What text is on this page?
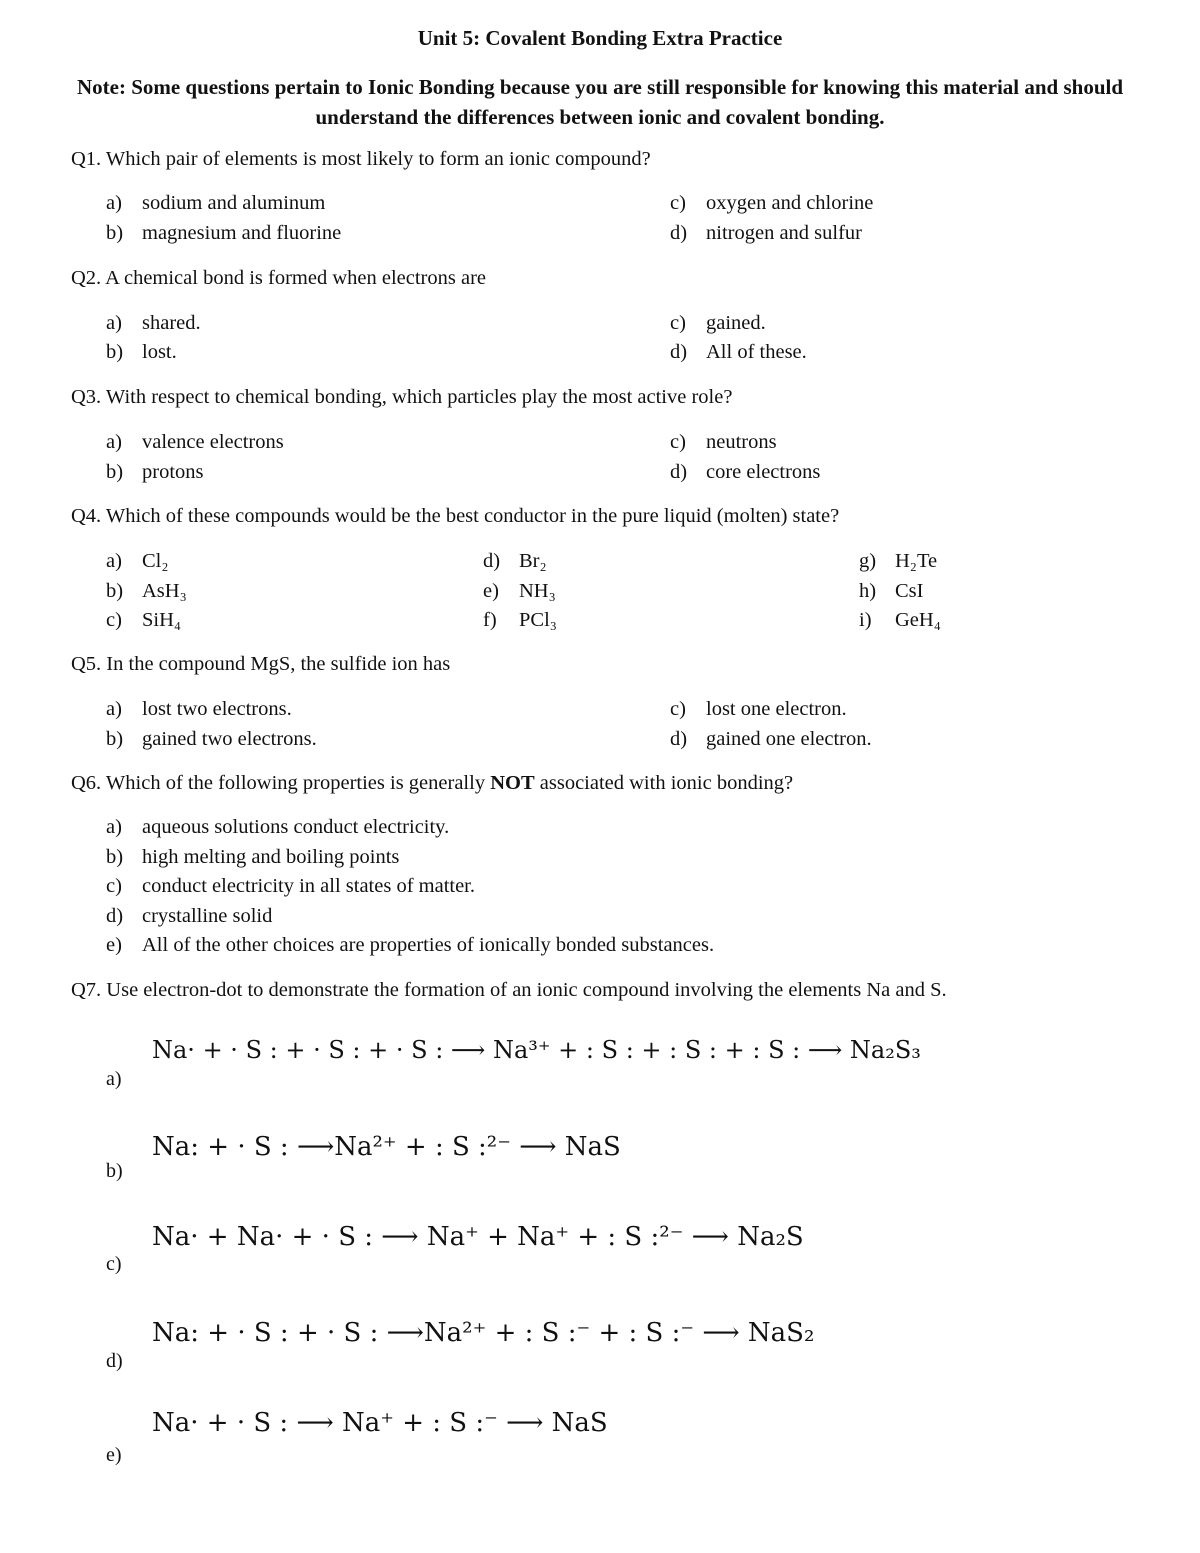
Unit 5: Covalent Bonding Extra Practice
Note: Some questions pertain to Ionic Bonding because you are still responsible for knowing this material and should understand the differences between ionic and covalent bonding.
Q1. Which pair of elements is most likely to form an ionic compound?
a) sodium and aluminum
b) magnesium and fluorine
c) oxygen and chlorine
d) nitrogen and sulfur
Q2. A chemical bond is formed when electrons are
a) shared.
b) lost.
c) gained.
d) All of these.
Q3. With respect to chemical bonding, which particles play the most active role?
a) valence electrons
b) protons
c) neutrons
d) core electrons
Q4. Which of these compounds would be the best conductor in the pure liquid (molten) state?
a) Cl₂
b) AsH₃
c) SiH₄
d) Br₂
e) NH₃
f) PCl₃
g) H₂Te
h) CsI
i) GeH₄
Q5. In the compound MgS, the sulfide ion has
a) lost two electrons.
b) gained two electrons.
c) lost one electron.
d) gained one electron.
Q6. Which of the following properties is generally NOT associated with ionic bonding?
a) aqueous solutions conduct electricity.
b) high melting and boiling points
c) conduct electricity in all states of matter.
d) crystalline solid
e) All of the other choices are properties of ionically bonded substances.
Q7. Use electron-dot to demonstrate the formation of an ionic compound involving the elements Na and S.
a)
Na· + · S : + · S : + · S : ⟶ Na³⁺ + : S : + : S : + : S : ⟶ Na₂S₃
b)
Na: + · S : ⟶Na²⁺ + : S :²⁻ ⟶ NaS
c)
Na· + Na· + · S : ⟶ Na⁺ + Na⁺ + : S :²⁻ ⟶ Na₂S
d)
Na: + · S : + · S : ⟶Na²⁺ + : S :⁻ + : S :⁻ ⟶ NaS₂
e)
Na· + · S : ⟶ Na⁺ + : S :⁻ ⟶ NaS
